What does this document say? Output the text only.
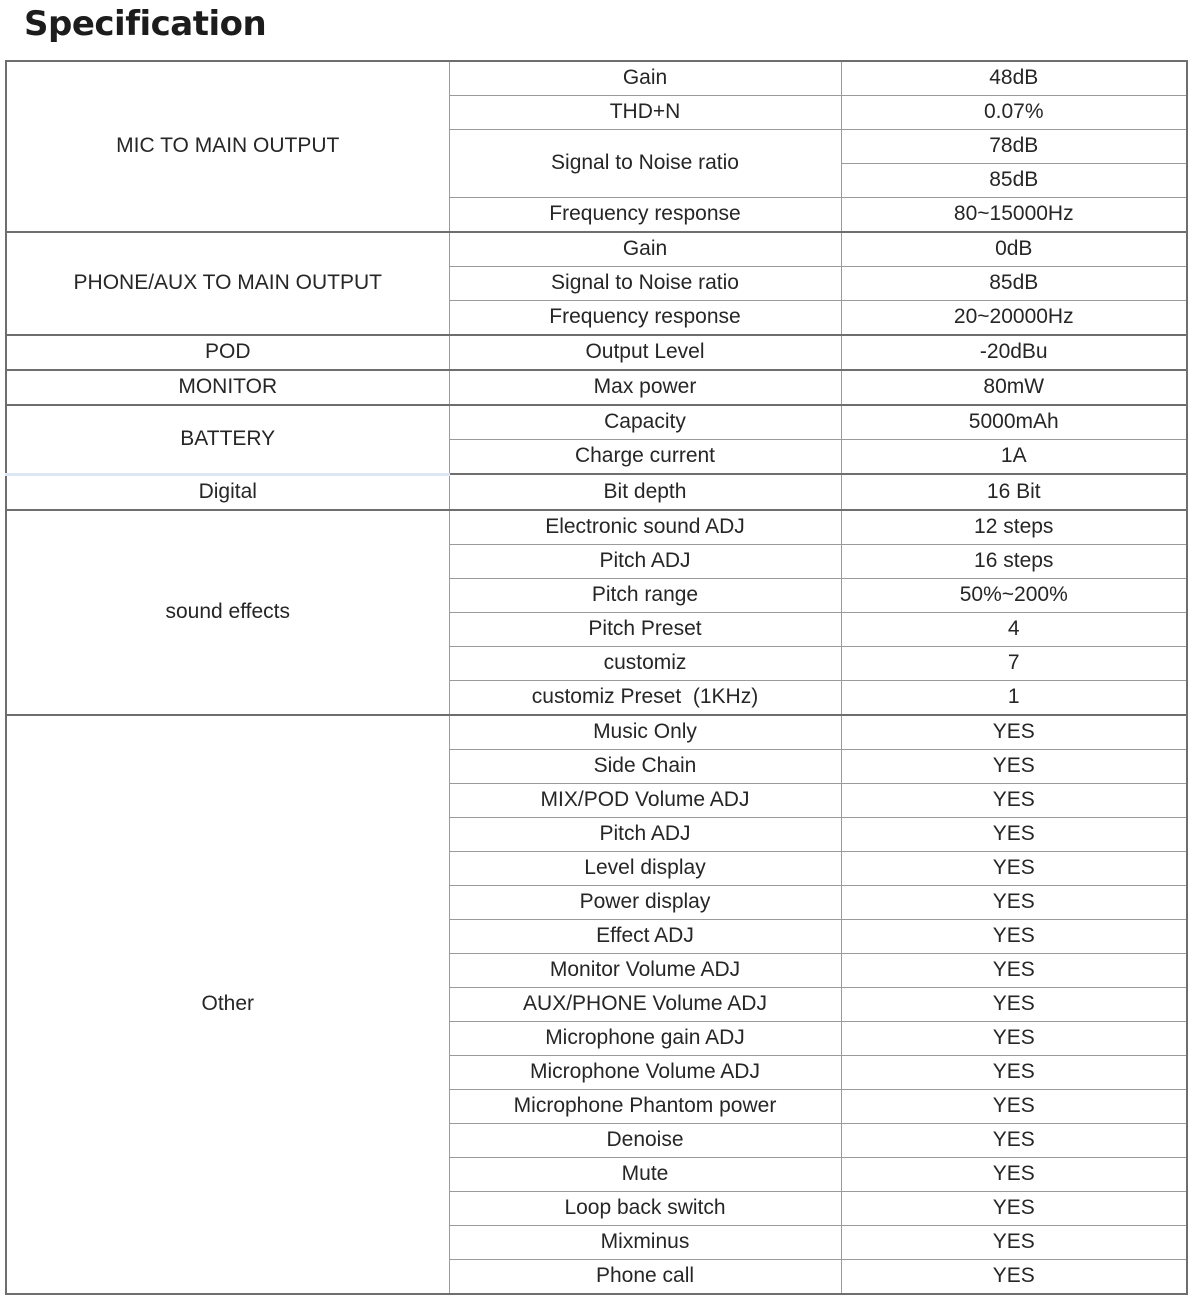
Specification
MIC TO MAIN OUTPUT	Gain	48dB
	THD+N	0.07%
	Signal to Noise ratio	78dB
		85dB
	Frequency response	80~15000Hz
PHONE/AUX TO MAIN OUTPUT	Gain	0dB
	Signal to Noise ratio	85dB
	Frequency response	20~20000Hz
POD	Output Level	-20dBu
MONITOR	Max power	80mW
BATTERY	Capacity	5000mAh
	Charge current	1A
Digital	Bit depth	16 Bit
sound effects	Electronic sound ADJ	12 steps
	Pitch ADJ	16 steps
	Pitch range	50%~200%
	Pitch Preset	4
	customiz	7
	customiz Preset  (1KHz)	1
Other	Music Only	YES
	Side Chain	YES
	MIX/POD Volume ADJ	YES
	Pitch ADJ	YES
	Level display	YES
	Power display	YES
	Effect ADJ	YES
	Monitor Volume ADJ	YES
	AUX/PHONE Volume ADJ	YES
	Microphone gain ADJ	YES
	Microphone Volume ADJ	YES
	Microphone Phantom power	YES
	Denoise	YES
	Mute	YES
	Loop back switch	YES
	Mixminus	YES
	Phone call	YES
